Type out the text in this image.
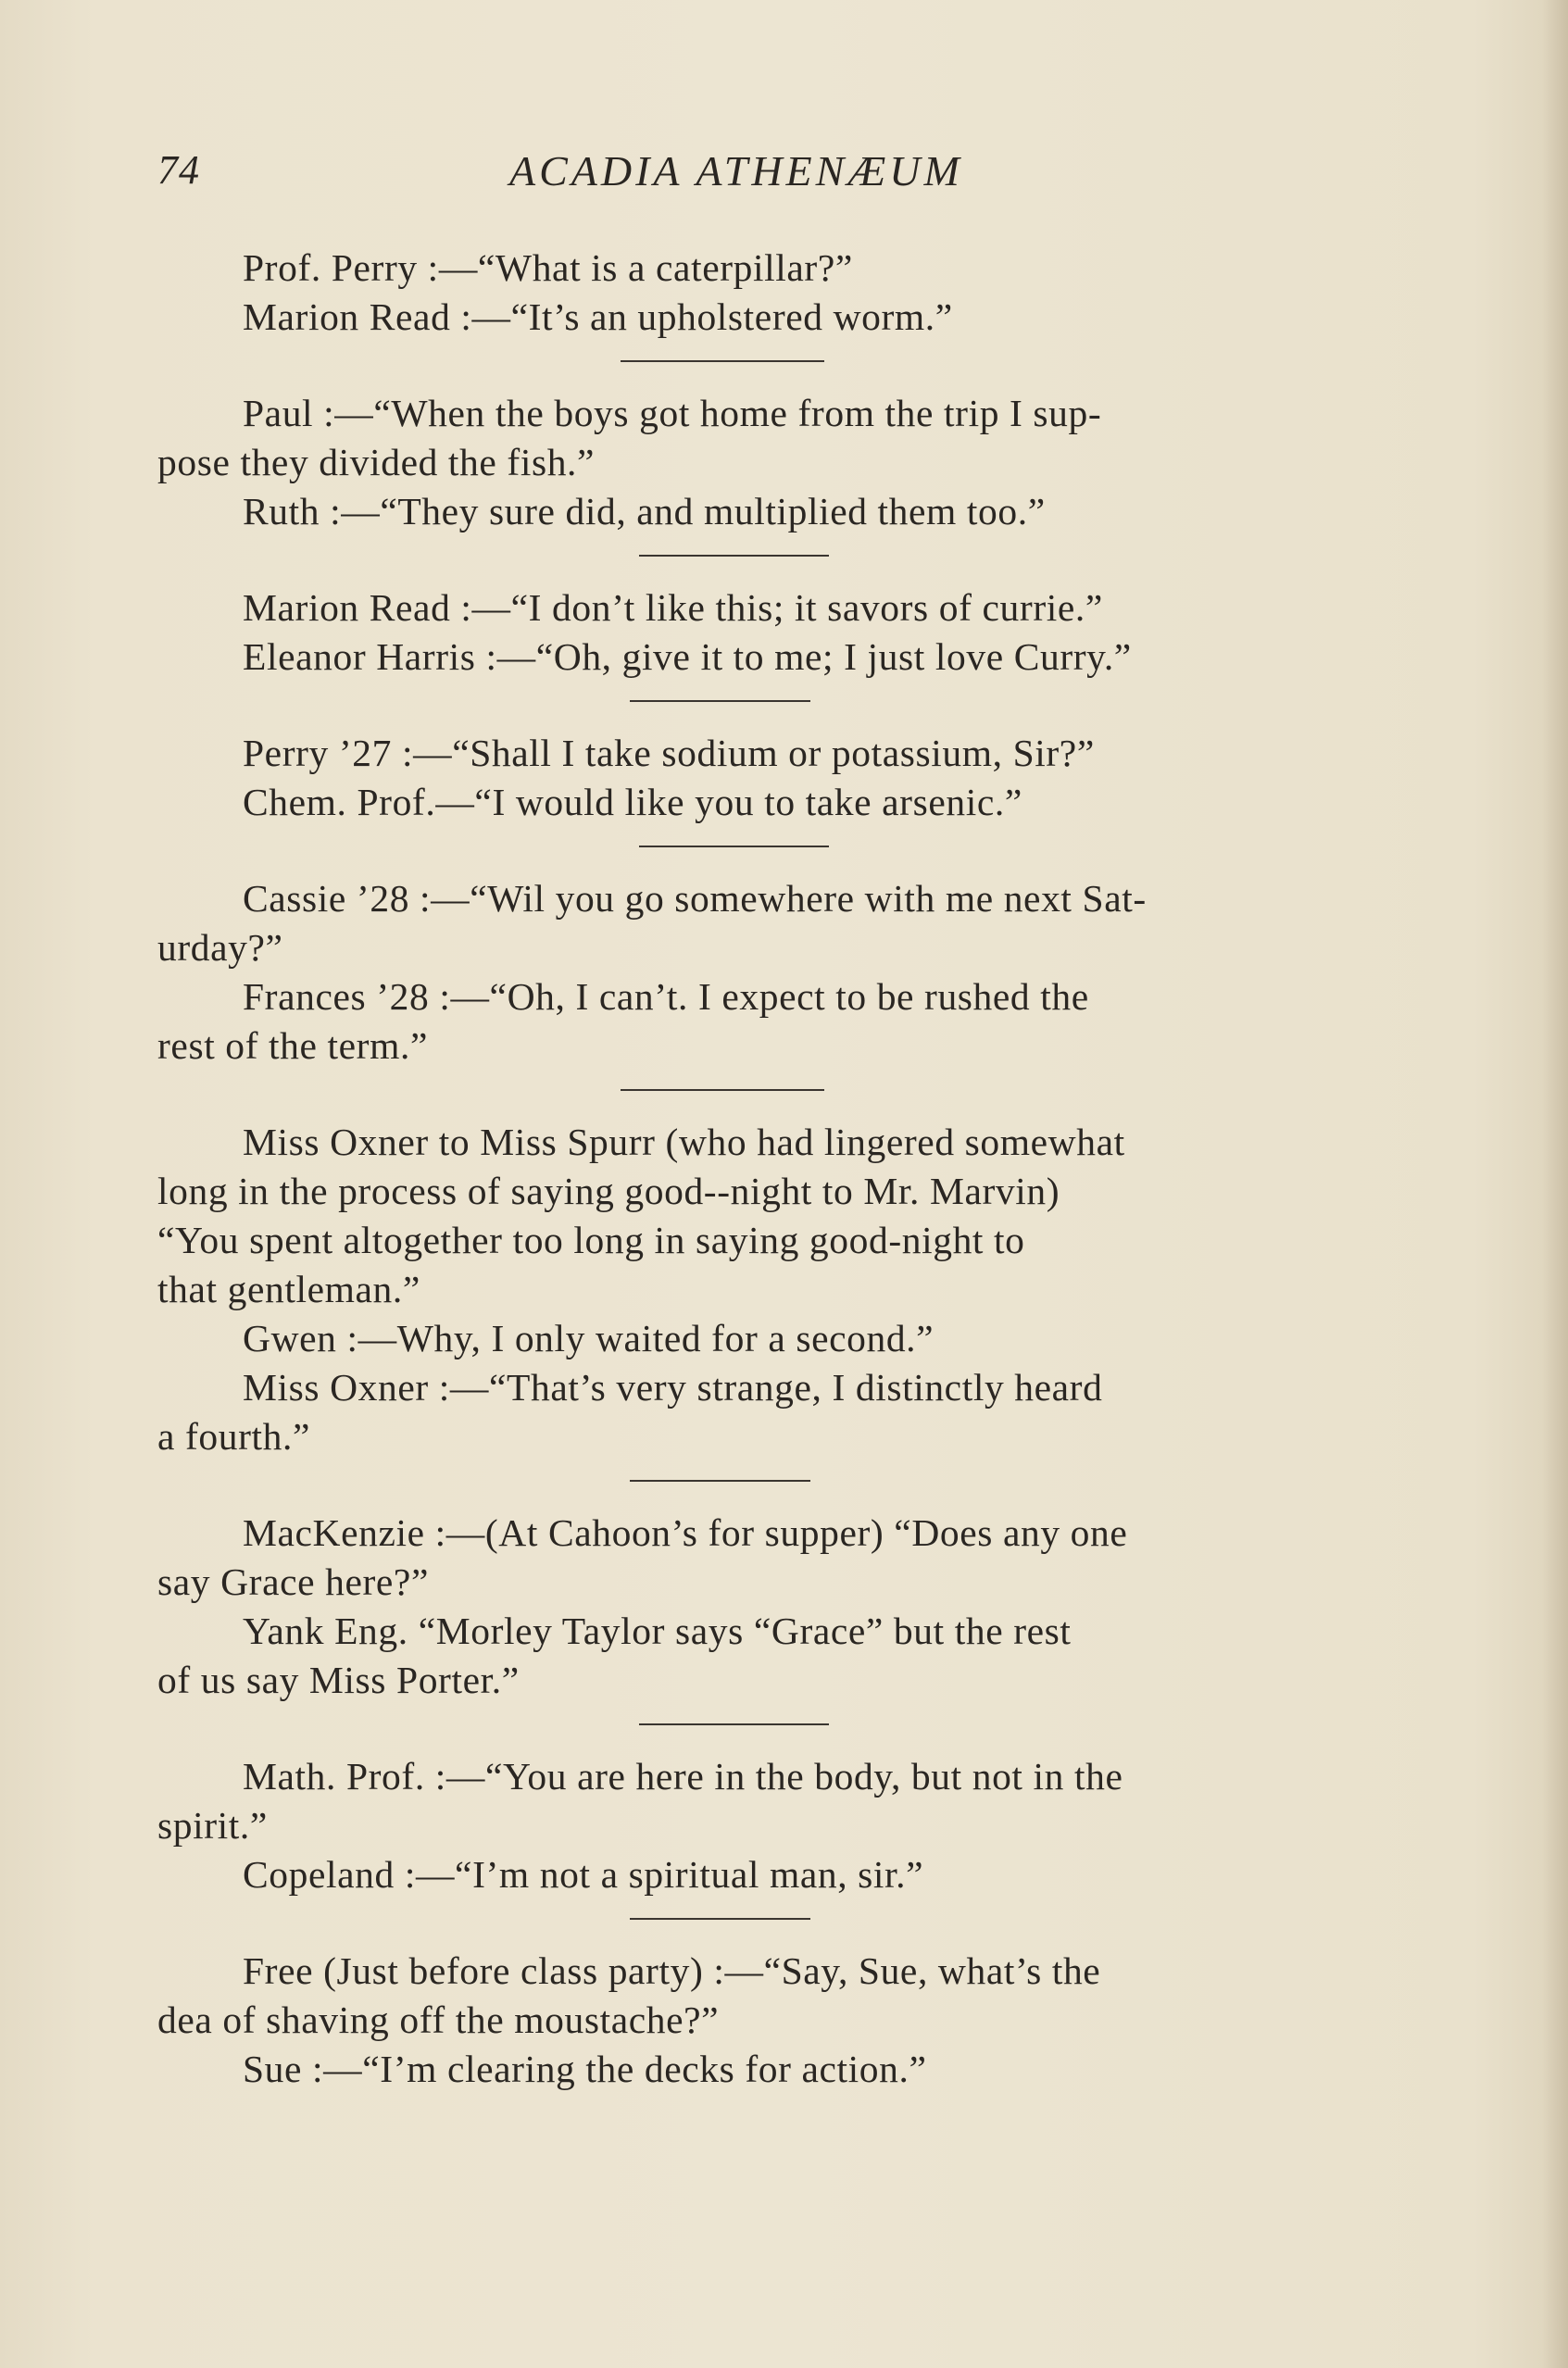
74	ACADIA ATHENÆUM
Prof. Perry :—“What is a caterpillar?”
Marion Read :—“It’s an upholstered worm.”
Paul :—“When the boys got home from the trip I sup-
pose they divided the fish.”
Ruth :—“They sure did, and multiplied them too.”
Marion Read :—“I don’t like this; it savors of currie.”
Eleanor Harris :—“Oh, give it to me; I just love Curry.”
Perry ’27 :—“Shall I take sodium or potassium, Sir?”
Chem. Prof.—“I would like you to take arsenic.”
Cassie ’28 :—“Wil you go somewhere with me next Sat-
urday?”
Frances ’28 :—“Oh, I can’t. I expect to be rushed the
rest of the term.”
Miss Oxner to Miss Spurr (who had lingered somewhat
long in the process of saying good--night to Mr. Marvin)
“You spent altogether too long in saying good-night to
that gentleman.”
Gwen :—Why, I only waited for a second.”
Miss Oxner :—“That’s very strange, I distinctly heard
a fourth.”
MacKenzie :—(At Cahoon’s for supper) “Does any one
say Grace here?”
Yank Eng. “Morley Taylor says “Grace” but the rest
of us say Miss Porter.”
Math. Prof. :—“You are here in the body, but not in the
spirit.”
Copeland :—“I’m not a spiritual man, sir.”
Free (Just before class party) :—“Say, Sue, what’s the
dea of shaving off the moustache?”
Sue :—“I’m clearing the decks for action.”
